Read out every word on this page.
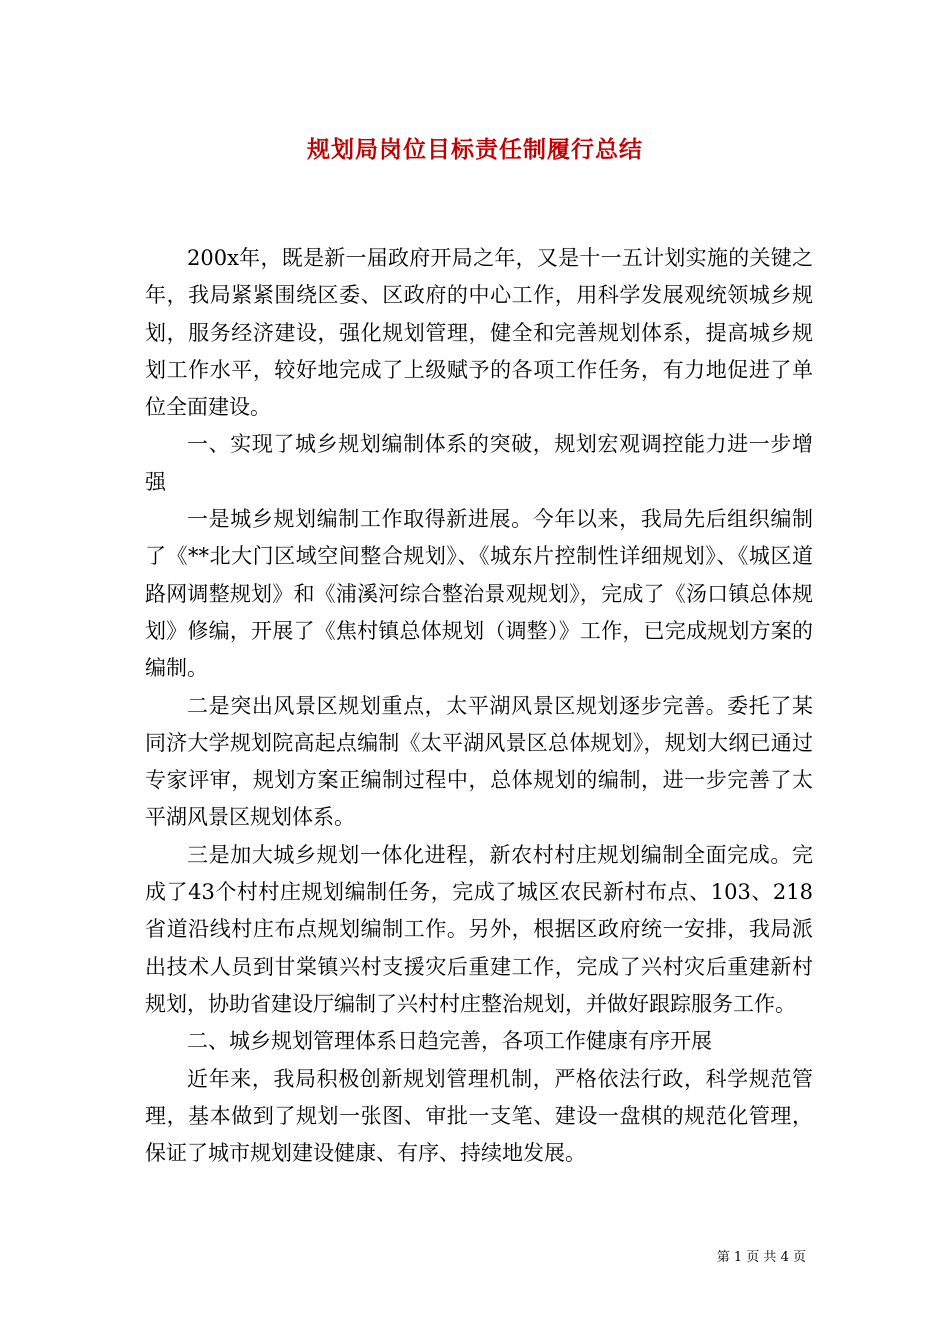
规划局岗位目标责任制履行总结

200x年，既是新一届政府开局之年，又是十一五计划实施的关键之年，我局紧紧围绕区委、区政府的中心工作，用科学发展观统领城乡规划，服务经济建设，强化规划管理，健全和完善规划体系，提高城乡规划工作水平，较好地完成了上级赋予的各项工作任务，有力地促进了单位全面建设。

一、实现了城乡规划编制体系的突破，规划宏观调控能力进一步增强

一是城乡规划编制工作取得新进展。今年以来，我局先后组织编制了《**北大门区域空间整合规划》、《城东片控制性详细规划》、《城区道路网调整规划》和《浦溪河综合整治景观规划》，完成了《汤口镇总体规划》修编，开展了《焦村镇总体规划（调整）》工作，已完成规划方案的编制。

二是突出风景区规划重点，太平湖风景区规划逐步完善。委托了某同济大学规划院高起点编制《太平湖风景区总体规划》，规划大纲已通过专家评审，规划方案正编制过程中，总体规划的编制，进一步完善了太平湖风景区规划体系。

三是加大城乡规划一体化进程，新农村村庄规划编制全面完成。完成了43个村村庄规划编制任务，完成了城区农民新村布点、103、218省道沿线村庄布点规划编制工作。另外，根据区政府统一安排，我局派出技术人员到甘棠镇兴村支援灾后重建工作，完成了兴村灾后重建新村规划，协助省建设厅编制了兴村村庄整治规划，并做好跟踪服务工作。

二、城乡规划管理体系日趋完善，各项工作健康有序开展

近年来，我局积极创新规划管理机制，严格依法行政，科学规范管理，基本做到了规划一张图、审批一支笔、建设一盘棋的规范化管理，保证了城市规划建设健康、有序、持续地发展。

第 1 页 共 4 页
